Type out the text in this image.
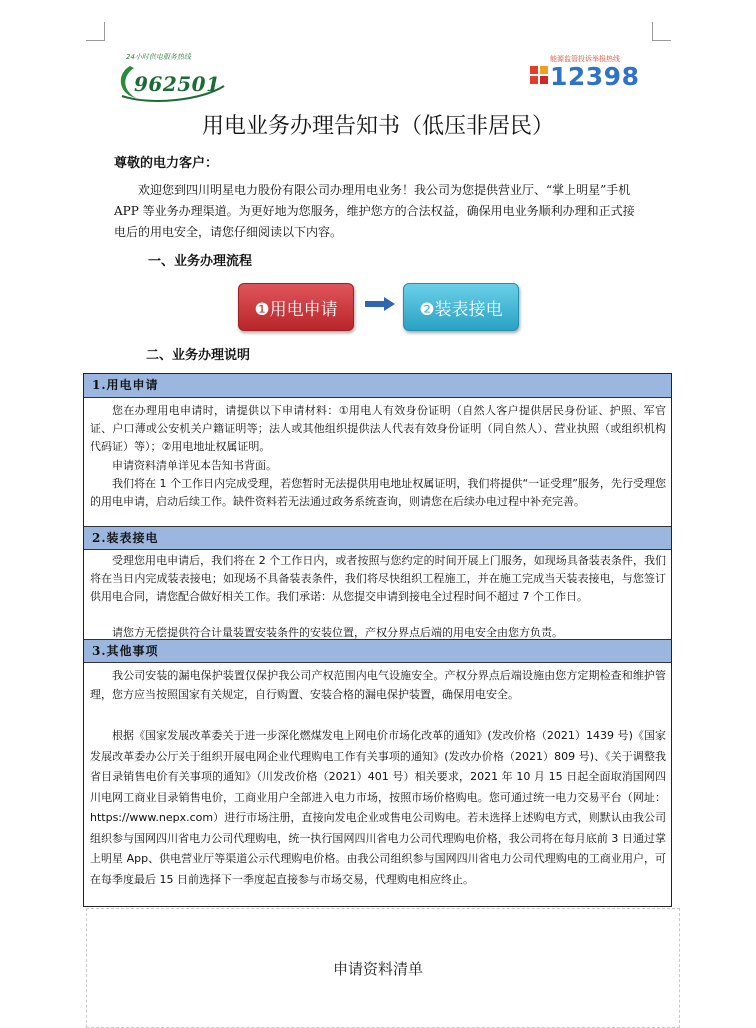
24小时供电服务热线
962501
能源监管投诉举报热线
12398
用电业务办理告知书（低压非居民）
尊敬的电力客户：
欢迎您到四川明星电力股份有限公司办理用电业务！我公司为您提供营业厅、“掌上明星”手机 APP 等业务办理渠道。为更好地为您服务，维护您方的合法权益，确保用电业务顺利办理和正式接电后的用电安全，请您仔细阅读以下内容。
一、业务办理流程
❶用电申请	❷装表接电
二、业务办理说明
1.用电申请
您在办理用电申请时，请提供以下申请材料：①用电人有效身份证明（自然人客户提供居民身份证、护照、军官证、户口薄或公安机关户籍证明等；法人或其他组织提供法人代表有效身份证明（同自然人）、营业执照（或组织机构代码证）等）；②用电地址权属证明。
申请资料清单详见本告知书背面。
我们将在 1 个工作日内完成受理，若您暂时无法提供用电地址权属证明，我们将提供“一证受理”服务，先行受理您的用电申请，启动后续工作。缺件资料若无法通过政务系统查询，则请您在后续办电过程中补充完善。
2.装表接电
受理您用电申请后，我们将在 2 个工作日内，或者按照与您约定的时间开展上门服务，如现场具备装表条件，我们将在当日内完成装表接电；如现场不具备装表条件，我们将尽快组织工程施工，并在施工完成当天装表接电，与您签订供用电合同，请您配合做好相关工作。我们承诺：从您提交申请到接电全过程时间不超过 7 个工作日。
请您方无偿提供符合计量装置安装条件的安装位置，产权分界点后端的用电安全由您方负责。
3.其他事项
我公司安装的漏电保护装置仅保护我公司产权范围内电气设施安全。产权分界点后端设施由您方定期检查和维护管理，您方应当按照国家有关规定，自行购置、安装合格的漏电保护装置，确保用电安全。
根据《国家发展改革委关于进一步深化燃煤发电上网电价市场化改革的通知》(发改价格（2021）1439 号)《国家发展改革委办公厅关于组织开展电网企业代理购电工作有关事项的通知》(发改办价格（2021）809 号)、《关于调整我省目录销售电价有关事项的通知》（川发改价格（2021）401 号）相关要求，2021 年 10 月 15 日起全面取消国网四川电网工商业目录销售电价，工商业用户全部进入电力市场，按照市场价格购电。您可通过统一电力交易平台（网址：https://www.nepx.com）进行市场注册，直接向发电企业或售电公司购电。若未选择上述购电方式，则默认由我公司组织参与国网四川省电力公司代理购电，统一执行国网四川省电力公司代理购电价格，我公司将在每月底前 3 日通过掌上明星 App、供电营业厅等渠道公示代理购电价格。由我公司组织参与国网四川省电力公司代理购电的工商业用户，可在每季度最后 15 日前选择下一季度起直接参与市场交易，代理购电相应终止。
申请资料清单
